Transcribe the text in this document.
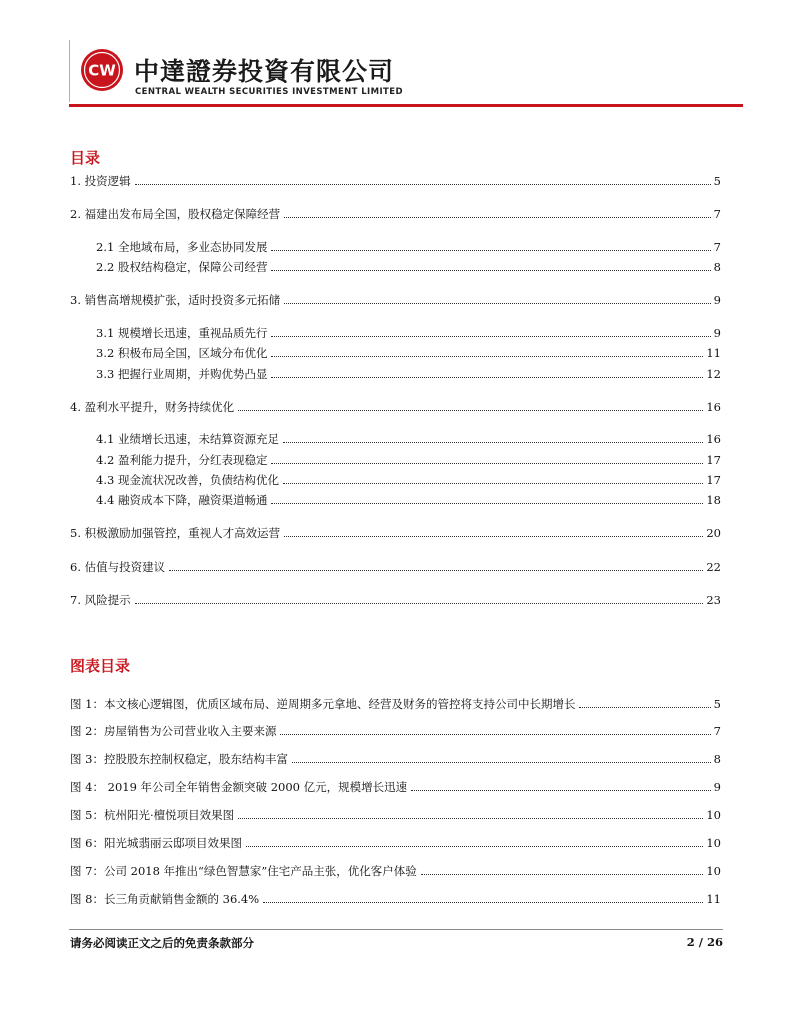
CW 中達證券投資有限公司
CENTRAL WEALTH SECURITIES INVESTMENT LIMITED
目录
1. 投资逻辑	5
2. 福建出发布局全国，股权稳定保障经营	7
2.1 全地域布局，多业态协同发展	7
2.2 股权结构稳定，保障公司经营	8
3. 销售高增规模扩张，适时投资多元拓储	9
3.1 规模增长迅速，重视品质先行	9
3.2 积极布局全国，区域分布优化	11
3.3 把握行业周期，并购优势凸显	12
4. 盈利水平提升，财务持续优化	16
4.1 业绩增长迅速，未结算资源充足	16
4.2 盈利能力提升，分红表现稳定	17
4.3 现金流状况改善，负债结构优化	17
4.4 融资成本下降，融资渠道畅通	18
5. 积极激励加强管控，重视人才高效运营	20
6. 估值与投资建议	22
7. 风险提示	23
图表目录
图 1：本文核心逻辑图，优质区域布局、逆周期多元拿地、经营及财务的管控将支持公司中长期增长	5
图 2：房屋销售为公司营业收入主要来源	7
图 3：控股股东控制权稳定，股东结构丰富	8
图 4： 2019 年公司全年销售金额突破 2000 亿元，规模增长迅速	9
图 5：杭州阳光·檀悦项目效果图	10
图 6：阳光城翡丽云邸项目效果图	10
图 7：公司 2018 年推出“绿色智慧家”住宅产品主张，优化客户体验	10
图 8：长三角贡献销售金额的 36.4%	11
请务必阅读正文之后的免责条款部分	2 / 26
